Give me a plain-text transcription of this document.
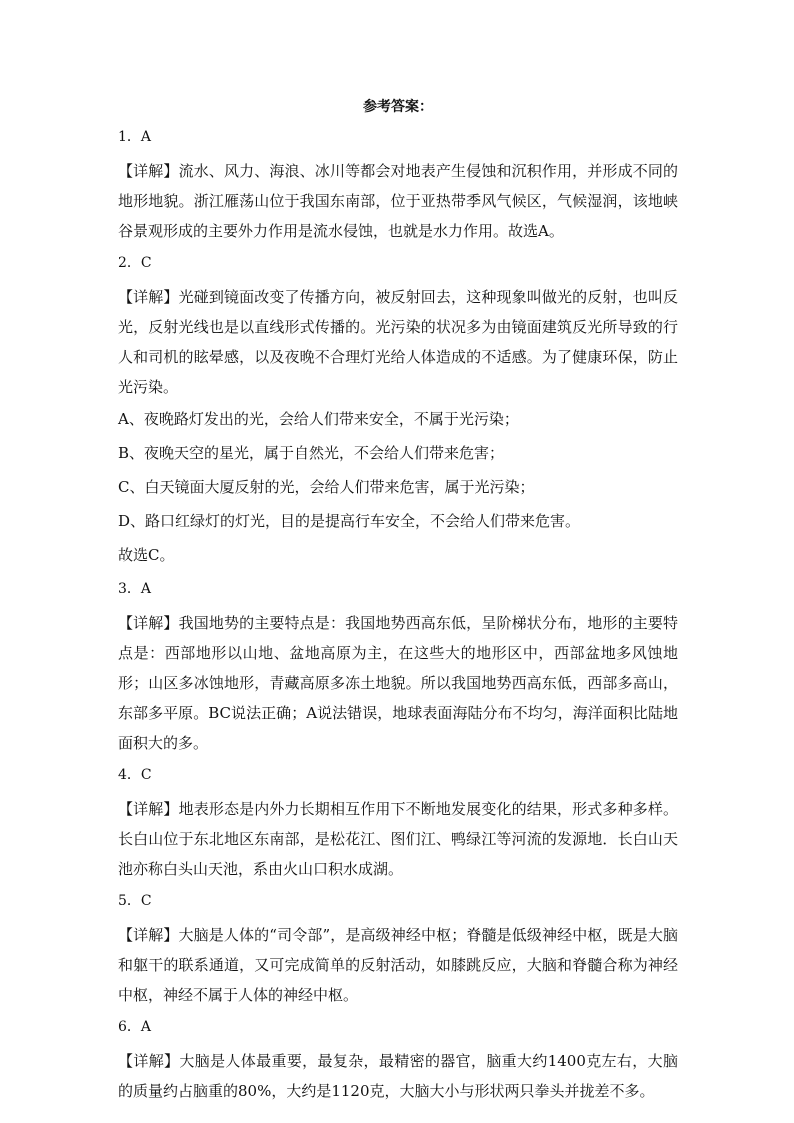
参考答案：
1．A
【详解】流水、风力、海浪、冰川等都会对地表产生侵蚀和沉积作用，并形成不同的地形地貌。浙江雁荡山位于我国东南部，位于亚热带季风气候区，气候湿润，该地峡谷景观形成的主要外力作用是流水侵蚀，也就是水力作用。故选A。
2．C
【详解】光碰到镜面改变了传播方向，被反射回去，这种现象叫做光的反射，也叫反光，反射光线也是以直线形式传播的。光污染的状况多为由镜面建筑反光所导致的行人和司机的眩晕感，以及夜晚不合理灯光给人体造成的不适感。为了健康环保，防止光污染。
A、夜晚路灯发出的光，会给人们带来安全，不属于光污染；
B、夜晚天空的星光，属于自然光，不会给人们带来危害；
C、白天镜面大厦反射的光，会给人们带来危害，属于光污染；
D、路口红绿灯的灯光，目的是提高行车安全，不会给人们带来危害。
故选C。
3．A
【详解】我国地势的主要特点是：我国地势西高东低，呈阶梯状分布，地形的主要特点是：西部地形以山地、盆地高原为主，在这些大的地形区中，西部盆地多风蚀地形；山区多冰蚀地形，青藏高原多冻土地貌。所以我国地势西高东低，西部多高山，东部多平原。BC说法正确；A说法错误，地球表面海陆分布不均匀，海洋面积比陆地面积大的多。
4．C
【详解】地表形态是内外力长期相互作用下不断地发展变化的结果，形式多种多样。长白山位于东北地区东南部，是松花江、图们江、鸭绿江等河流的发源地．长白山天池亦称白头山天池，系由火山口积水成湖。
5．C
【详解】大脑是人体的“司令部”，是高级神经中枢；脊髓是低级神经中枢，既是大脑和躯干的联系通道，又可完成简单的反射活动，如膝跳反应，大脑和脊髓合称为神经中枢，神经不属于人体的神经中枢。
6．A
【详解】大脑是人体最重要，最复杂，最精密的器官，脑重大约1400克左右，大脑的质量约占脑重的80%，大约是1120克，大脑大小与形状两只拳头并拢差不多。
